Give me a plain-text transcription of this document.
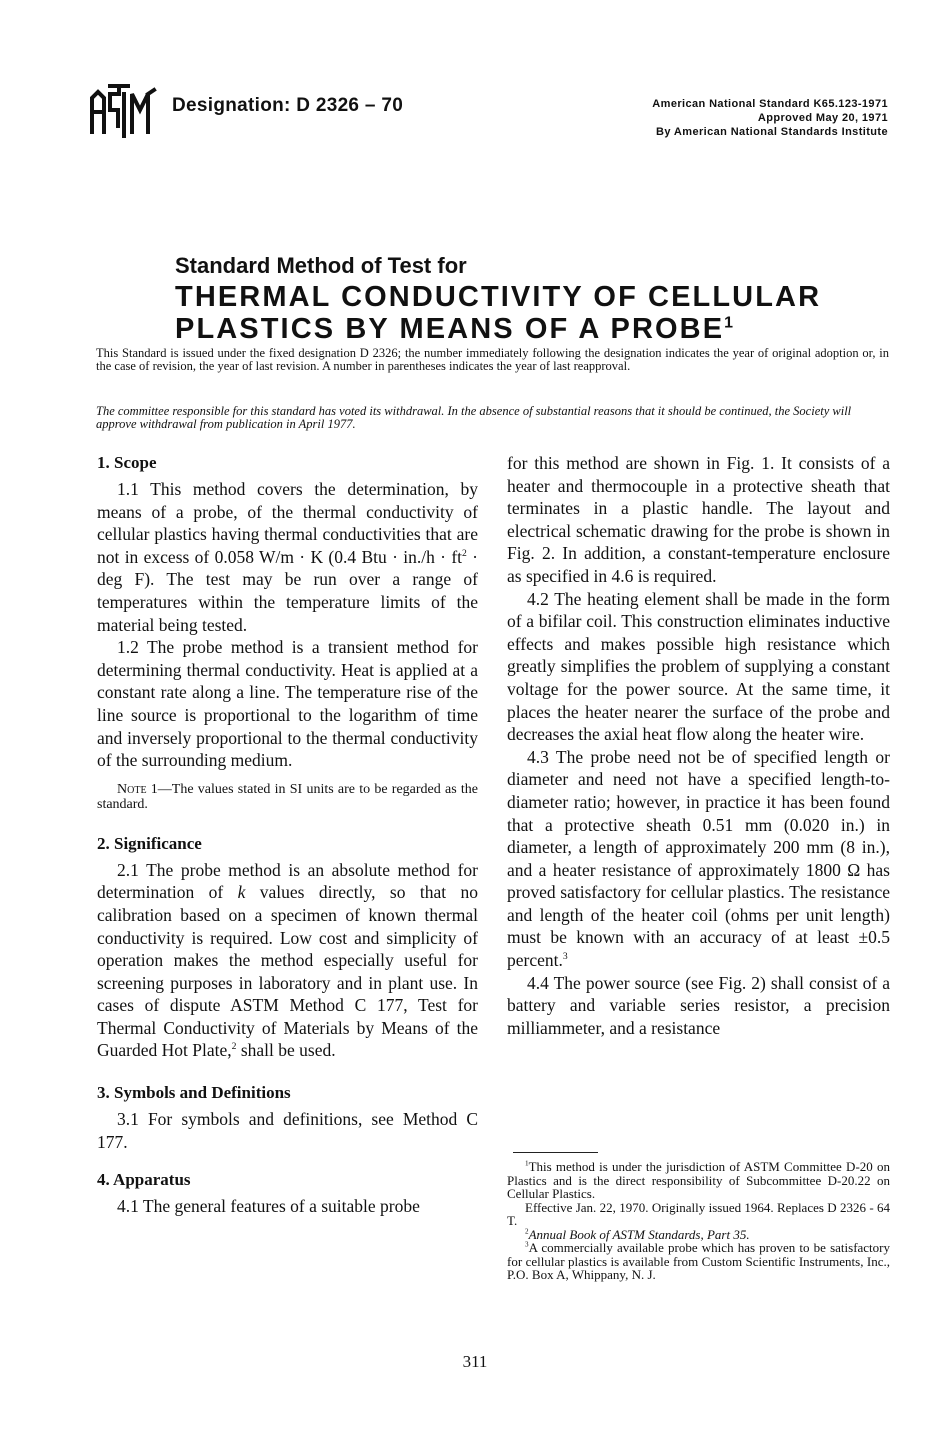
Designation: D 2326 – 70	American National Standard K65.123-1971
Approved May 20, 1971
By American National Standards Institute
Standard Method of Test for
THERMAL CONDUCTIVITY OF CELLULAR
PLASTICS BY MEANS OF A PROBE$^1$
This Standard is issued under the fixed designation D 2326; the number immediately following the designation indicates the year of original adoption or, in the case of revision, the year of last revision. A number in parentheses indicates the year of last reapproval.
The committee responsible for this standard has voted its withdrawal. In the absence of substantial reasons that it should be continued, the Society will approve withdrawal from publication in April 1977.
1. Scope

1.1 This method covers the determination, by means of a probe, of the thermal conductivity of cellular plastics having thermal conductivities that are not in excess of 0.058 W/m · K (0.4 Btu · $in./h \cdot ft^2$ · deg F). The test may be run over a range of temperatures within the temperature limits of the material being tested.

1.2 The probe method is a transient method for determining thermal conductivity. Heat is applied at a constant rate along a line. The temperature rise of the line source is proportional to the logarithm of time and inversely proportional to the thermal conductivity of the surrounding medium.

Note 1—The values stated in SI units are to be regarded as the standard.

2. Significance

2.1 The probe method is an absolute method for determination of k values directly, so that no calibration based on a specimen of known thermal conductivity is required. Low cost and simplicity of operation makes the method especially useful for screening purposes in laboratory and in plant use. In cases of dispute ASTM Method C 177, Test for Thermal Conductivity of Materials by Means of the Guarded Hot Plate,$^2$ shall be used.

3. Symbols and Definitions

3.1 For symbols and definitions, see Method C 177.

4. Apparatus

4.1 The general features of a suitable probe

for this method are shown in Fig. 1. It consists of a heater and thermocouple in a protective sheath that terminates in a plastic handle. The layout and electrical schematic drawing for the probe is shown in Fig. 2. In addition, a constant-temperature enclosure as specified in 4.6 is required.

4.2 The heating element shall be made in the form of a bifilar coil. This construction eliminates inductive effects and makes possible high resistance which greatly simplifies the problem of supplying a constant voltage for the power source. At the same time, it places the heater nearer the surface of the probe and decreases the axial heat flow along the heater wire.

4.3 The probe need not be of specified length or diameter and need not have a specified length-to-diameter ratio; however, in practice it has been found that a protective sheath 0.51 mm (0.020 in.) in diameter, a length of approximately 200 mm (8 in.), and a heater resistance of approximately 1800 Ω has proved satisfactory for cellular plastics. The resistance and length of the heater coil (ohms per unit length) must be known with an accuracy of at least ±0.5 percent.$^3$

4.4 The power source (see Fig. 2) shall consist of a battery and variable series resistor, a precision milliammeter, and a resistance

$^1$This method is under the jurisdiction of ASTM Committee D-20 on Plastics and is the direct responsibility of Subcommittee D-20.22 on Cellular Plastics.

Effective Jan. 22, 1970. Originally issued 1964. Replaces D 2326 - 64 T.

$^2$Annual Book of ASTM Standards, Part 35.

$^3$A commercially available probe which has proven to be satisfactory for cellular plastics is available from Custom Scientific Instruments, Inc., P.O. Box A, Whippany, N. J.

311
